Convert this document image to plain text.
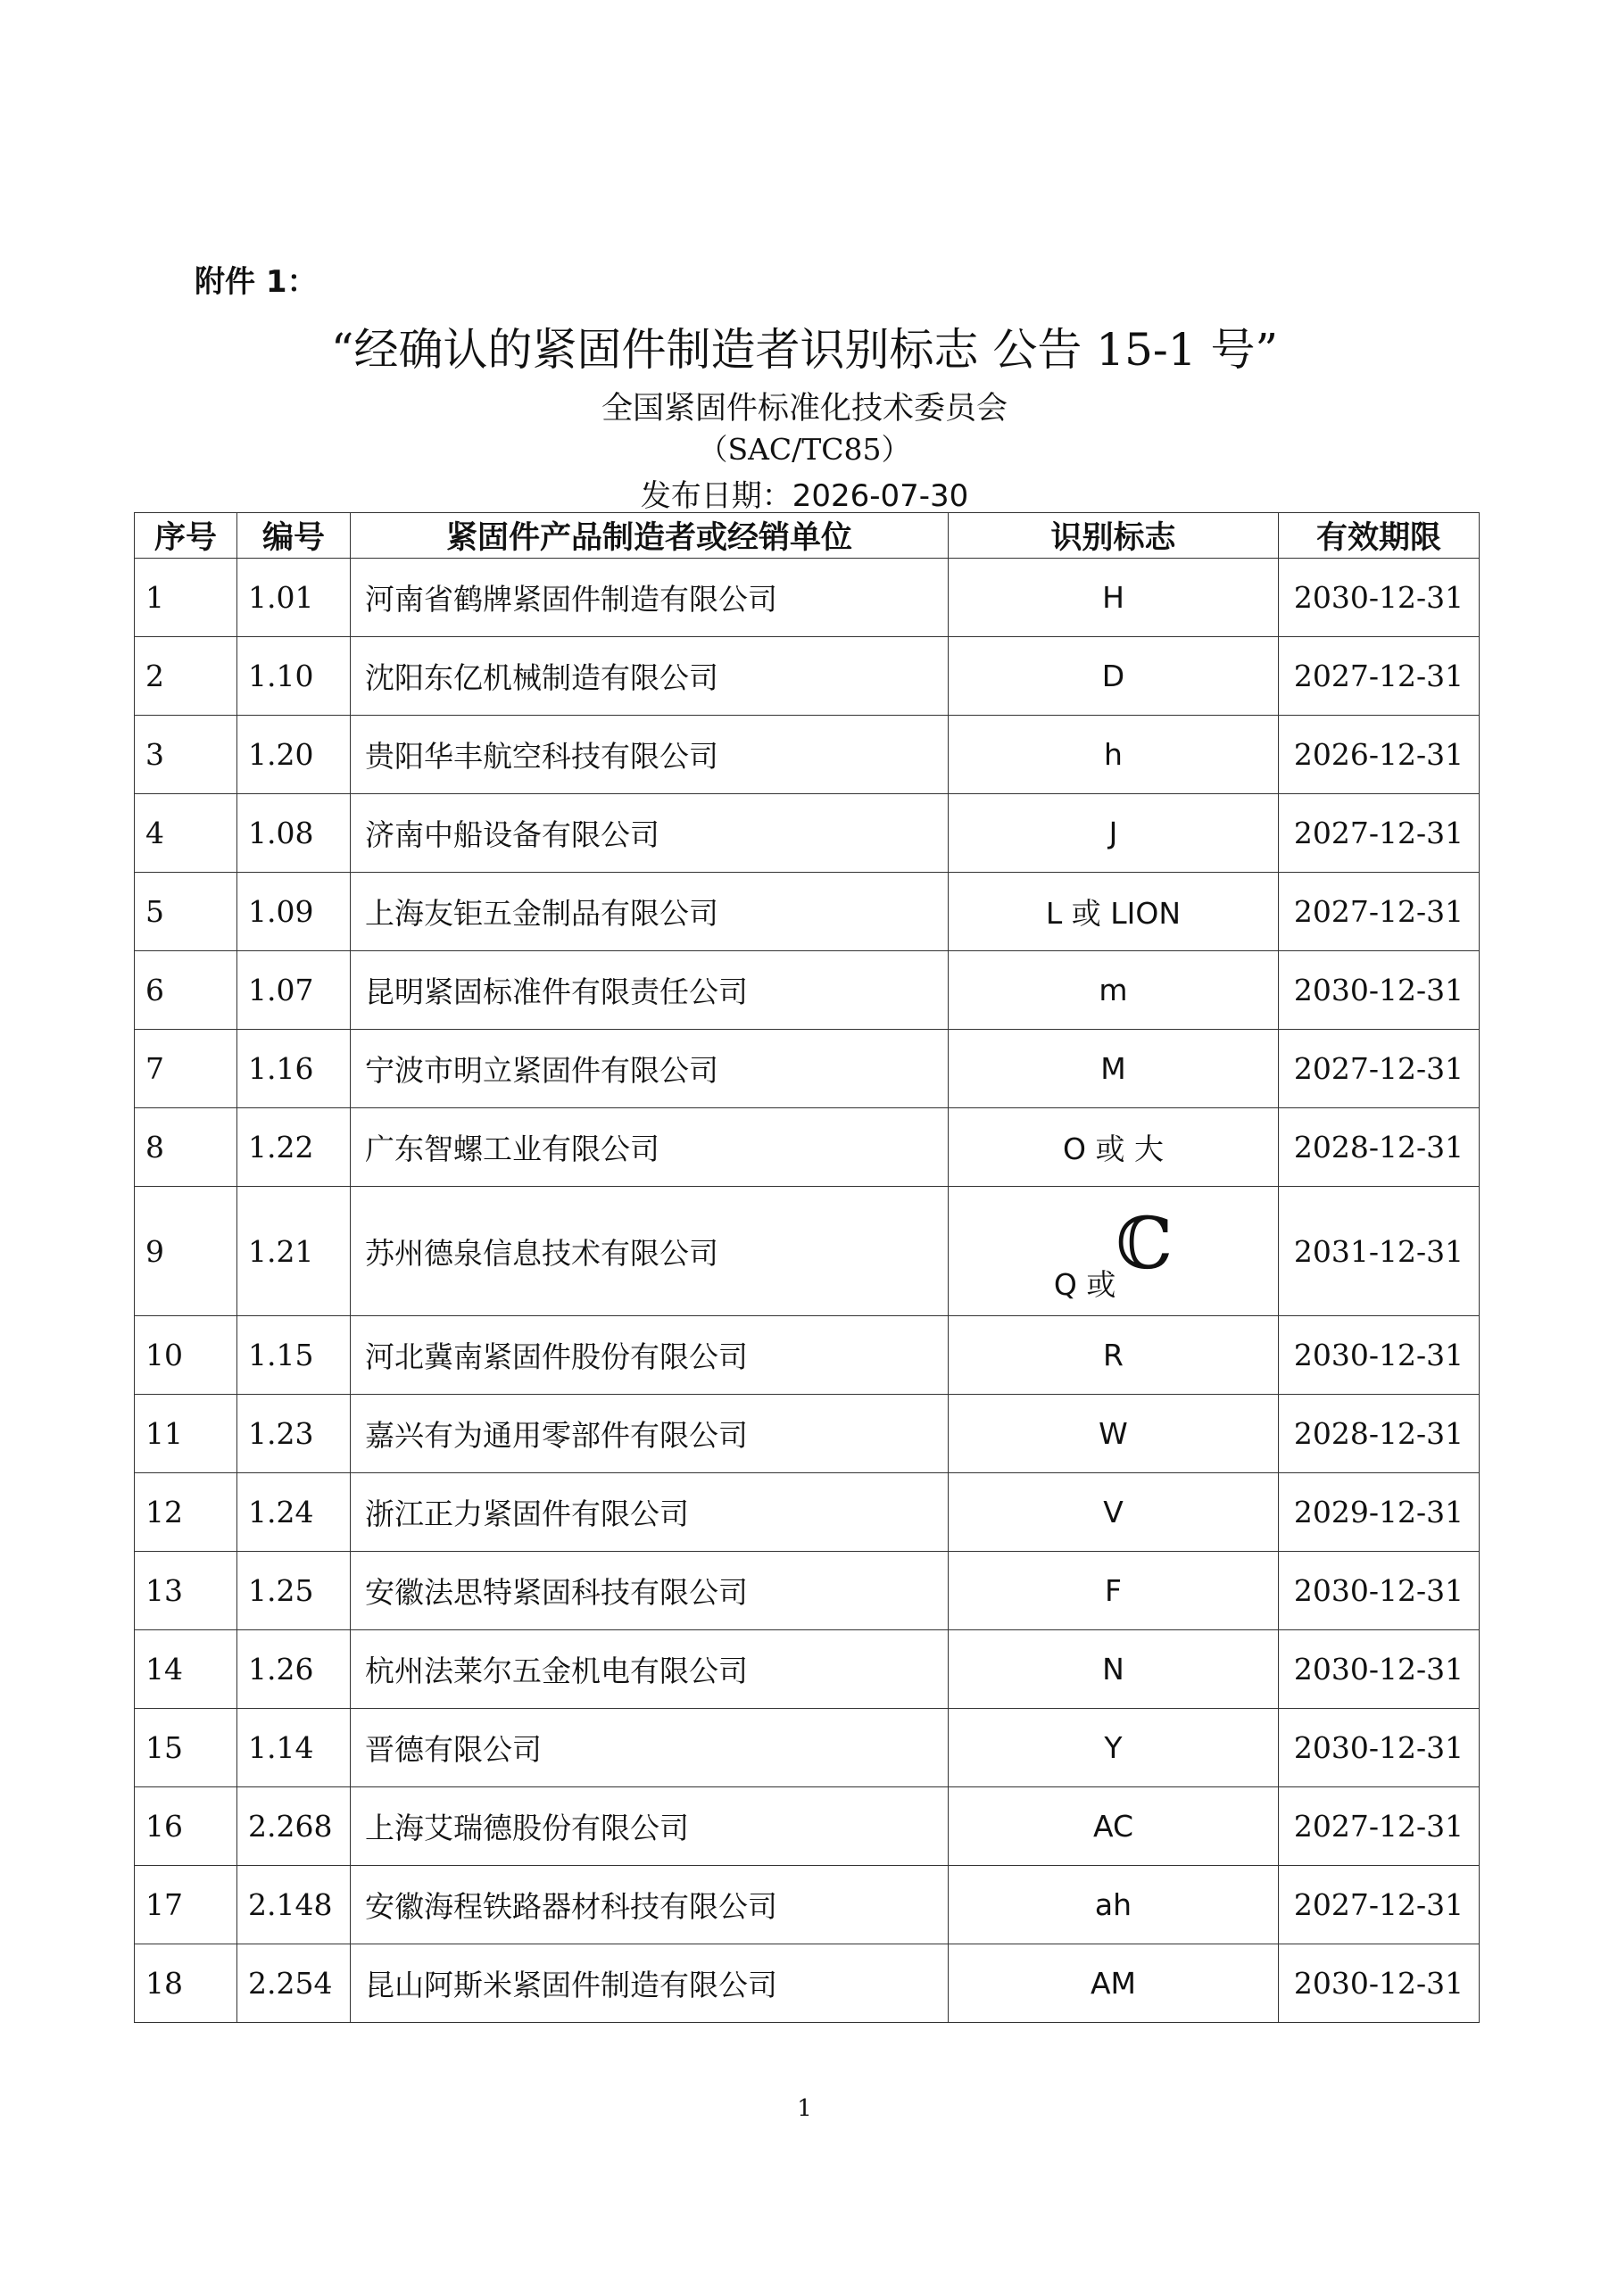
附件 1：
“经确认的紧固件制造者识别标志 公告 15-1 号”
全国紧固件标准化技术委员会
（SAC/TC85）
发布日期：2026-07-30
序号	编号	紧固件产品制造者或经销单位	识别标志	有效期限
1	1.01	河南省鹤牌紧固件制造有限公司	H	2030-12-31
2	1.10	沈阳东亿机械制造有限公司	D	2027-12-31
3	1.20	贵阳华丰航空科技有限公司	h	2026-12-31
4	1.08	济南中船设备有限公司	J	2027-12-31
5	1.09	上海友钜五金制品有限公司	L 或 LION	2027-12-31
6	1.07	昆明紧固标准件有限责任公司	m	2030-12-31
7	1.16	宁波市明立紧固件有限公司	M	2027-12-31
8	1.22	广东智螺工业有限公司	O 或 大	2028-12-31
9	1.21	苏州德泉信息技术有限公司	Q 或ℂ	2031-12-31
10	1.15	河北冀南紧固件股份有限公司	R	2030-12-31
11	1.23	嘉兴有为通用零部件有限公司	W	2028-12-31
12	1.24	浙江正力紧固件有限公司	V	2029-12-31
13	1.25	安徽法思特紧固科技有限公司	F	2030-12-31
14	1.26	杭州法莱尔五金机电有限公司	N	2030-12-31
15	1.14	晋德有限公司	Y	2030-12-31
16	2.268	上海艾瑞德股份有限公司	AC	2027-12-31
17	2.148	安徽海程铁路器材科技有限公司	ah	2027-12-31
18	2.254	昆山阿斯米紧固件制造有限公司	AM	2030-12-31
1
